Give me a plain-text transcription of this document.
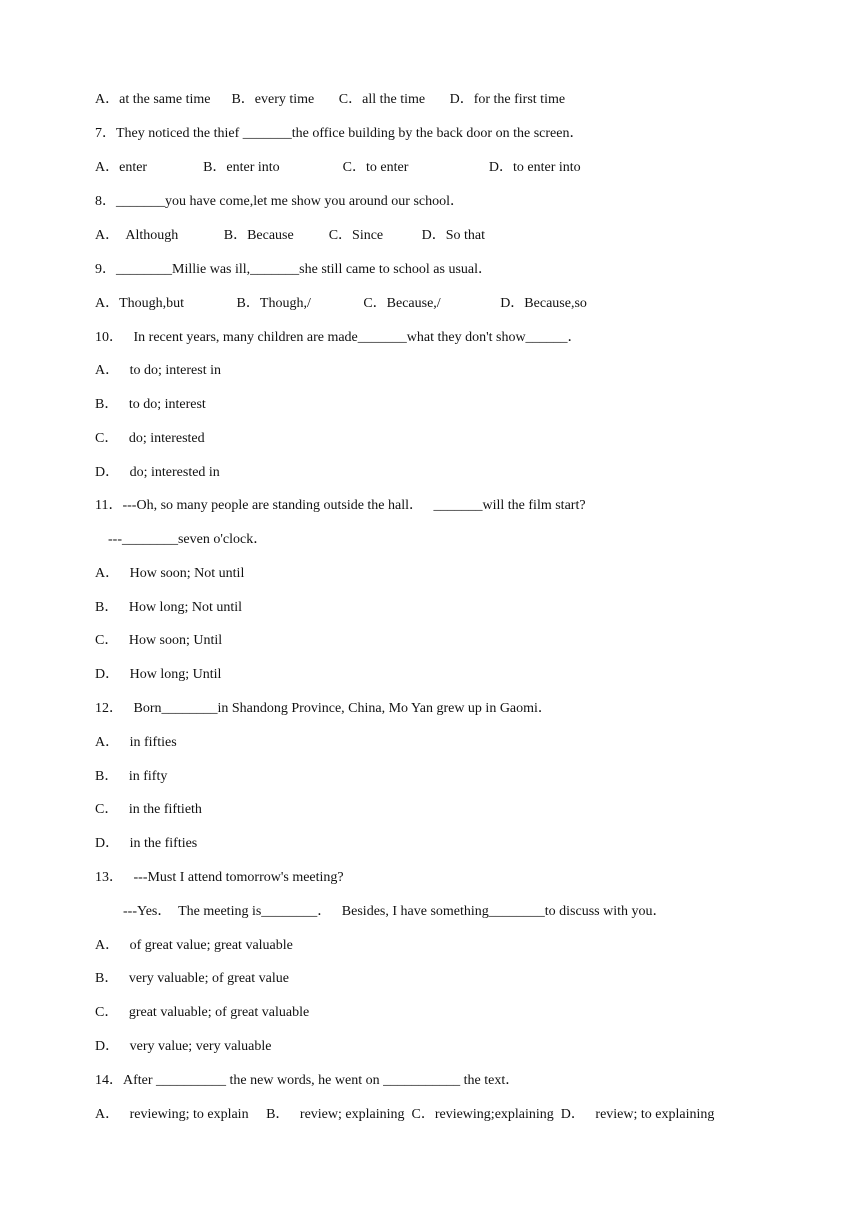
A．at the same time      B．every time       C．all the time       D．for the first time
7．They noticed the thief _______the office building by the back door on the screen．
A．enter                B．enter into                  C．to enter                       D．to enter into
8．_______you have come,let me show you around our school．
A．  Although             B．Because          C．Since           D．So that
9．________Millie was ill,_______she still came to school as usual．
A．Though,but               B．Though,/               C．Because,/                 D．Because,so
10．   In recent years, many children are made_______what they don't show______．
A．   to do; interest in
B．   to do; interest
C．   do; interested
D．   do; interested in
11．---Oh, so many people are standing outside the hall．   _______will the film start?
---________seven o'clock．
A．   How soon; Not until
B．   How long; Not until
C．   How soon; Until
D．   How long; Until
12．   Born________in Shandong Province, China, Mo Yan grew up in Gaomi．
A．   in fifties
B．   in fifty
C．   in the fiftieth
D．   in the fifties
13．   ---Must I attend tomorrow's meeting?
---Yes．  The meeting is________．   Besides, I have something________to discuss with you．
A．   of great value; great valuable
B．   very valuable; of great value
C．   great valuable; of great valuable
D．   very value; very valuable
14．After __________ the new words, he went on ___________ the text．
A．   reviewing; to explain     B．   review; explaining  C．reviewing;explaining  D．   review; to explaining
